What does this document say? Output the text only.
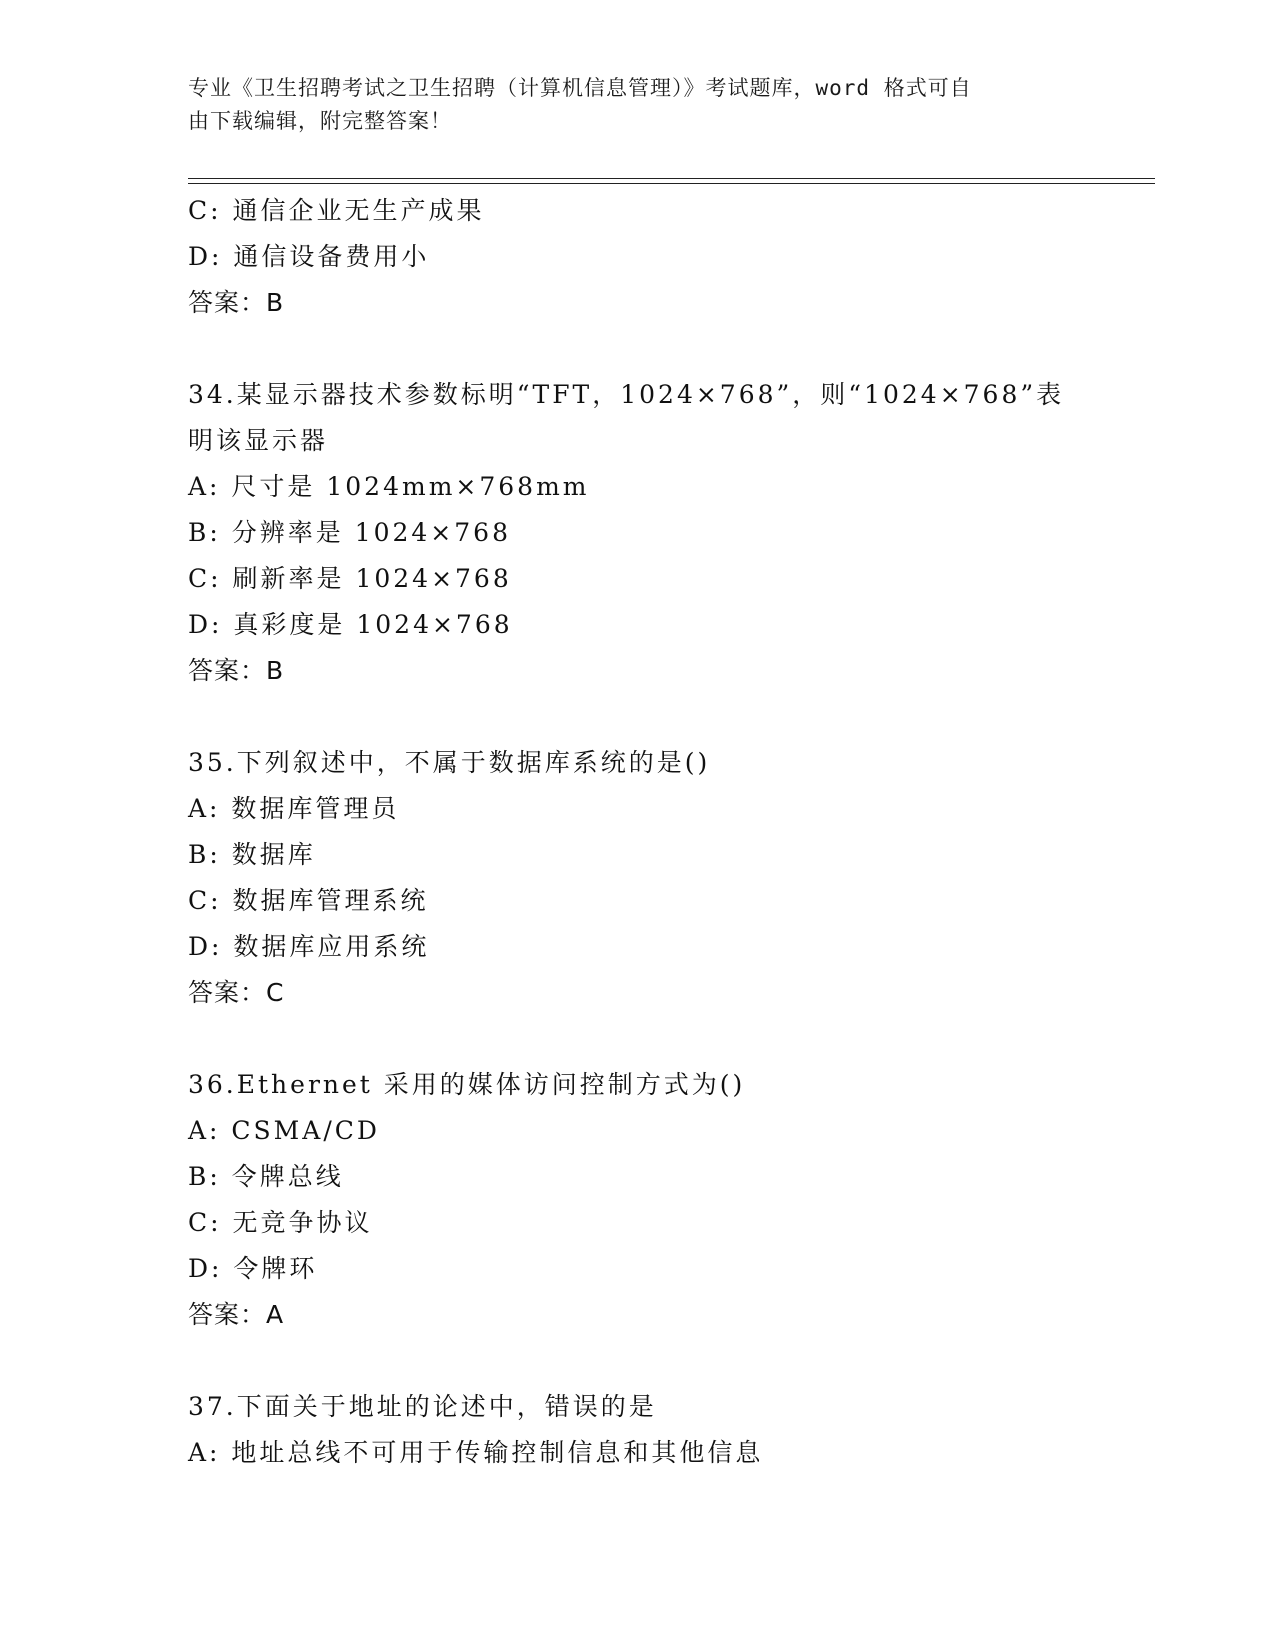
专业《卫生招聘考试之卫生招聘（计算机信息管理）》考试题库，word 格式可自
由下载编辑，附完整答案！
C: 通信企业无生产成果
D: 通信设备费用小
答案：B
34.某显示器技术参数标明“TFT，1024×768”，则“1024×768”表
明该显示器
A: 尺寸是 1024mm×768mm
B: 分辨率是 1024×768
C: 刷新率是 1024×768
D: 真彩度是 1024×768
答案：B
35.下列叙述中，不属于数据库系统的是()
A: 数据库管理员
B: 数据库
C: 数据库管理系统
D: 数据库应用系统
答案：C
36.Ethernet 采用的媒体访问控制方式为()
A: CSMA/CD
B: 令牌总线
C: 无竞争协议
D: 令牌环
答案：A
37.下面关于地址的论述中，错误的是
A: 地址总线不可用于传输控制信息和其他信息
